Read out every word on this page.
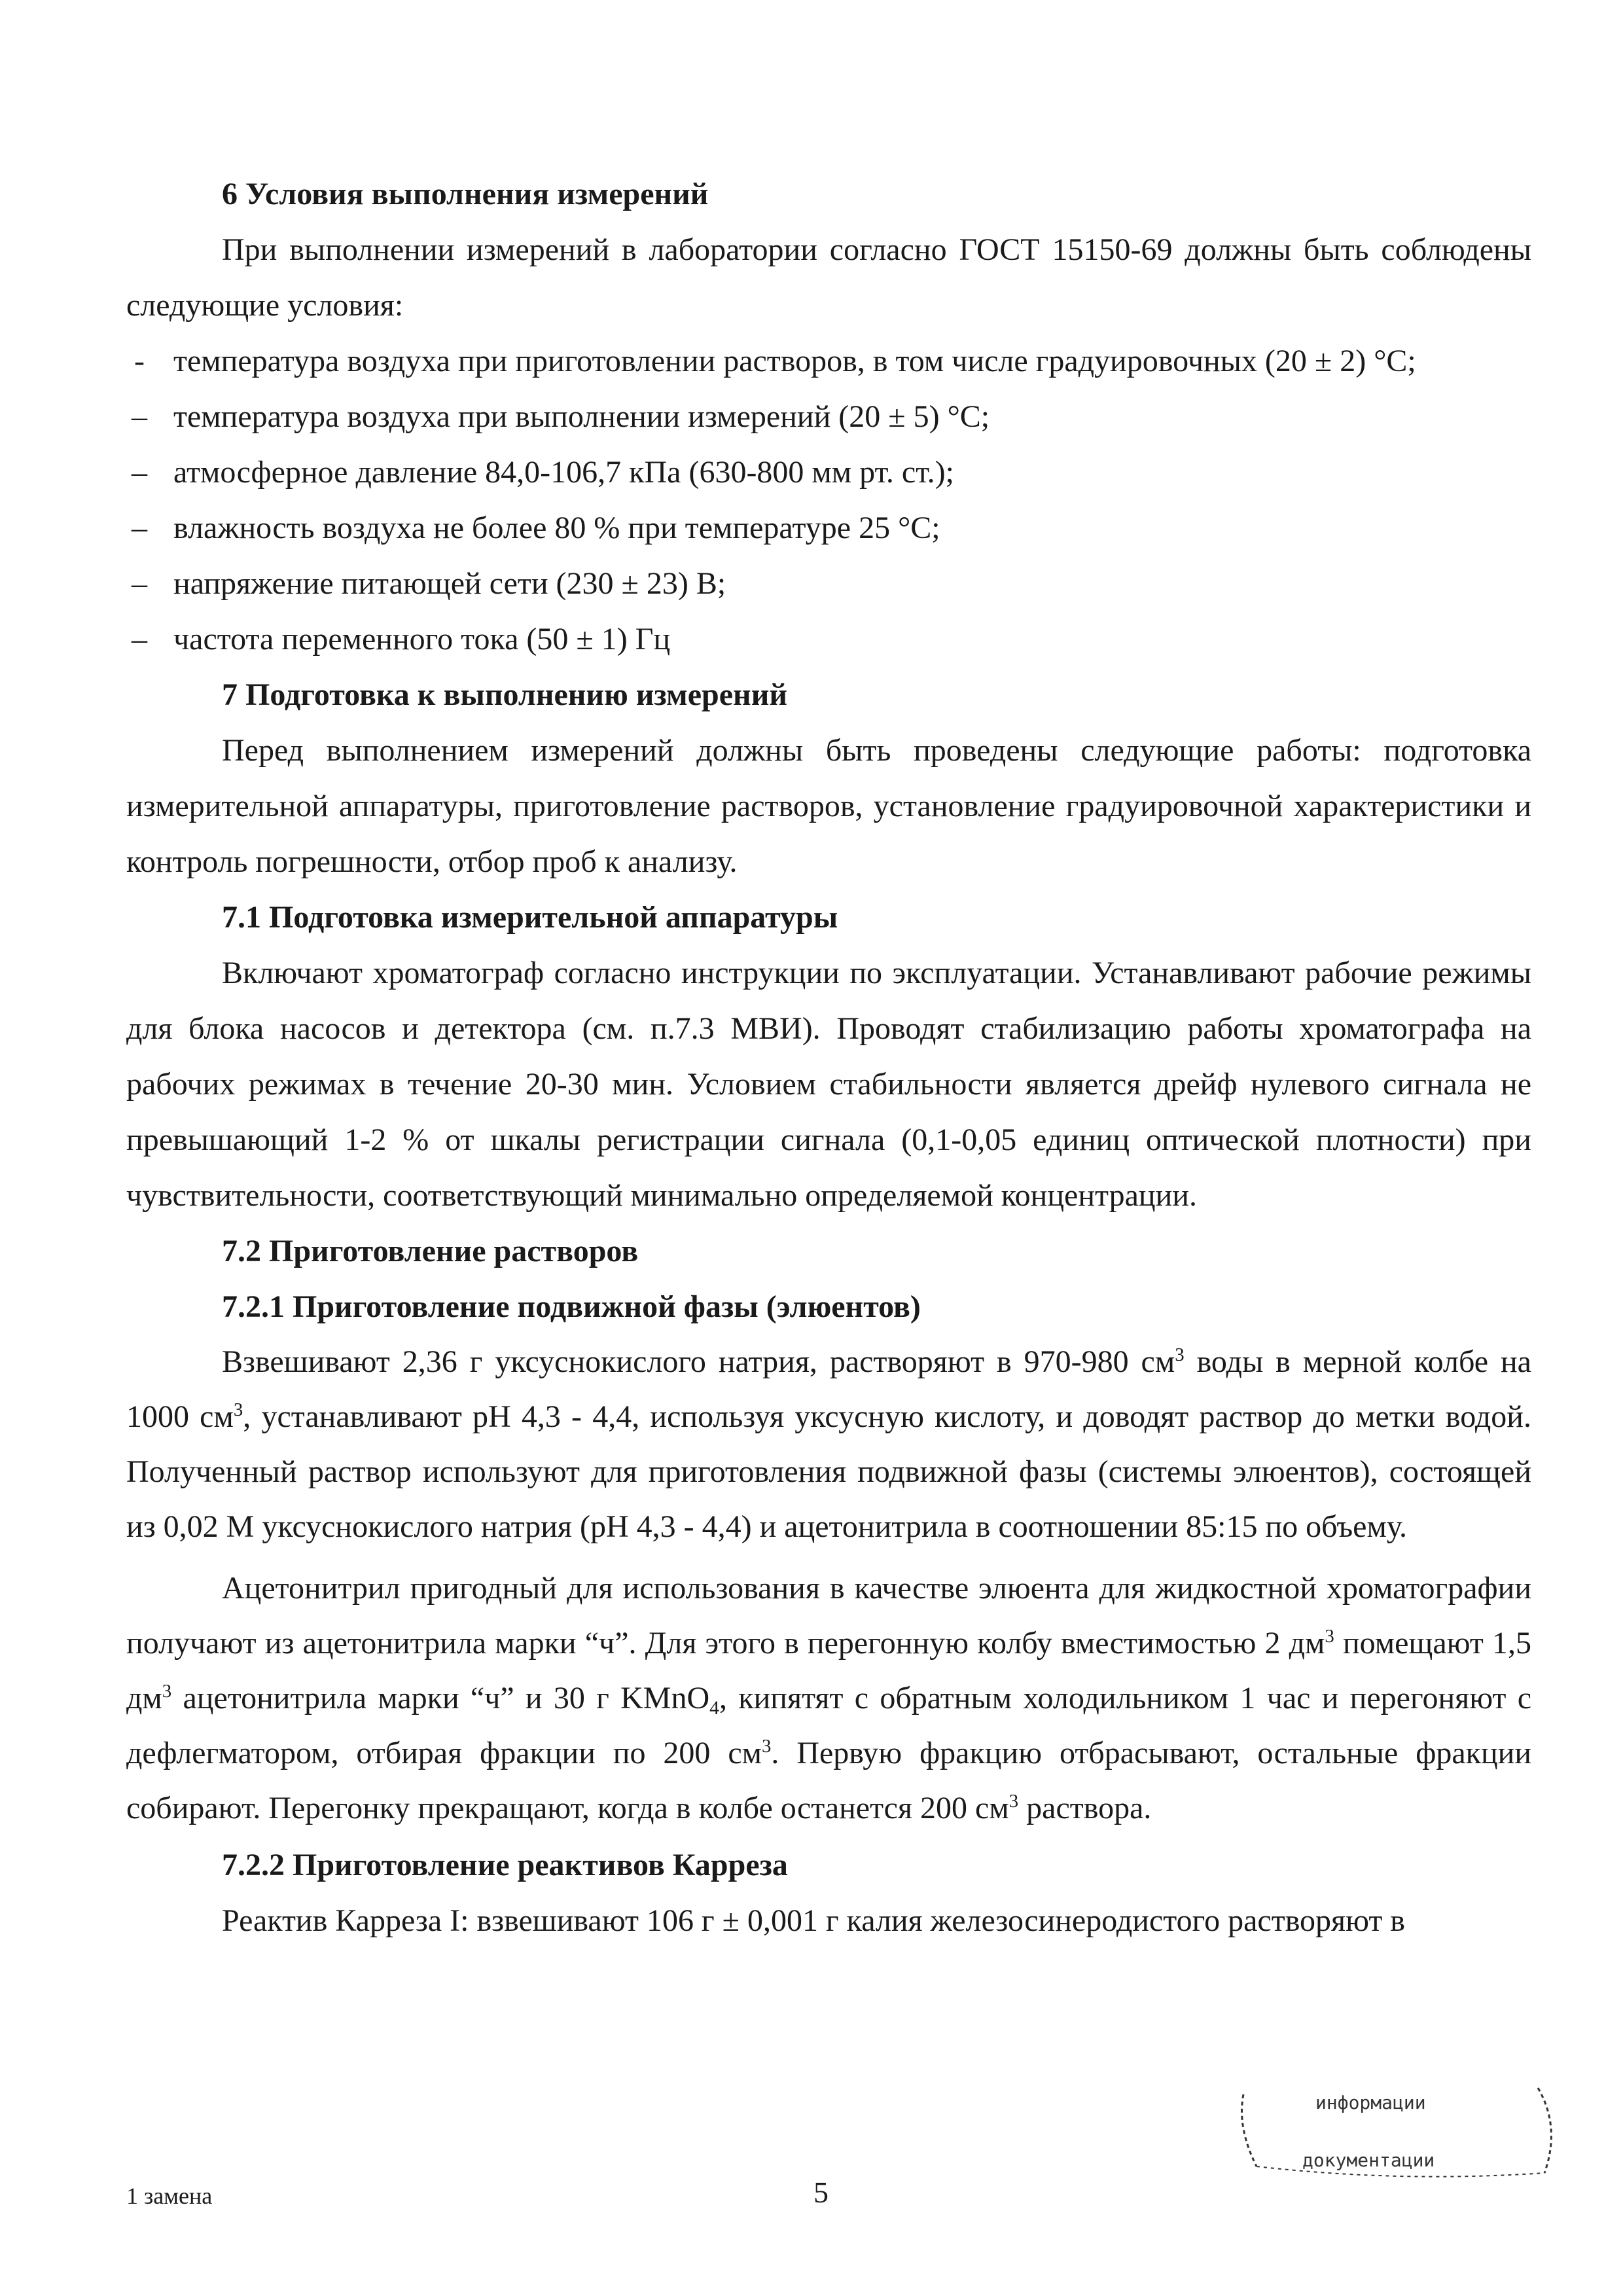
6 Условия выполнения измерений

При выполнении измерений в лаборатории согласно ГОСТ 15150-69 должны быть соблюдены следующие условия:

- температура воздуха при приготовлении растворов, в том числе градуировочных (20 ± 2) °С;
– температура воздуха при выполнении измерений (20 ± 5) °С;
– атмосферное давление 84,0-106,7 кПа (630-800 мм рт. ст.);
– влажность воздуха не более 80 % при температуре 25 °С;
– напряжение питающей сети (230 ± 23) В;
– частота переменного тока (50 ± 1) Гц

7 Подготовка к выполнению измерений

Перед выполнением измерений должны быть проведены следующие работы: подготовка измерительной аппаратуры, приготовление растворов, установление градуировочной характеристики и контроль погрешности, отбор проб к анализу.

7.1 Подготовка измерительной аппаратуры

Включают хроматограф согласно инструкции по эксплуатации. Устанавливают рабочие режимы для блока насосов и детектора (см. п.7.3 МВИ). Проводят стабилизацию работы хроматографа на рабочих режимах в течение 20-30 мин. Условием стабильности является дрейф нулевого сигнала не превышающий 1-2 % от шкалы регистрации сигнала (0,1-0,05 единиц оптической плотности) при чувствительности, соответствующий минимально определяемой концентрации.

7.2 Приготовление растворов

7.2.1 Приготовление подвижной фазы (элюентов)

Взвешивают 2,36 г уксуснокислого натрия, растворяют в 970-980 $см^3$ воды в мерной колбе на 1000 $см^3$, устанавливают рН 4,3 - 4,4, используя уксусную кислоту, и доводят раствор до метки водой. Полученный раствор используют для приготовления подвижной фазы (системы элюентов), состоящей из 0,02 М уксуснокислого натрия (рН 4,3 - 4,4) и ацетонитрила в соотношении 85:15 по объему.

Ацетонитрил пригодный для использования в качестве элюента для жидкостной хроматографии получают из ацетонитрила марки “ч”. Для этого в перегонную колбу вместимостью 2 $дм^3$ помещают 1,5 $дм^3$ ацетонитрила марки “ч” и 30 г KMnO$_4$, кипятят с обратным холодильником 1 час и перегоняют с дефлегматором, отбирая фракции по 200 $см^3$. Первую фракцию отбрасывают, остальные фракции собирают. Перегонку прекращают, когда в колбе останется 200 $см^3$ раствора.

7.2.2 Приготовление реактивов Карреза

Реактив Карреза I: взвешивают 106 г ± 0,001 г калия железосинеродистого растворяют в

информации
документации
1 замена	5
